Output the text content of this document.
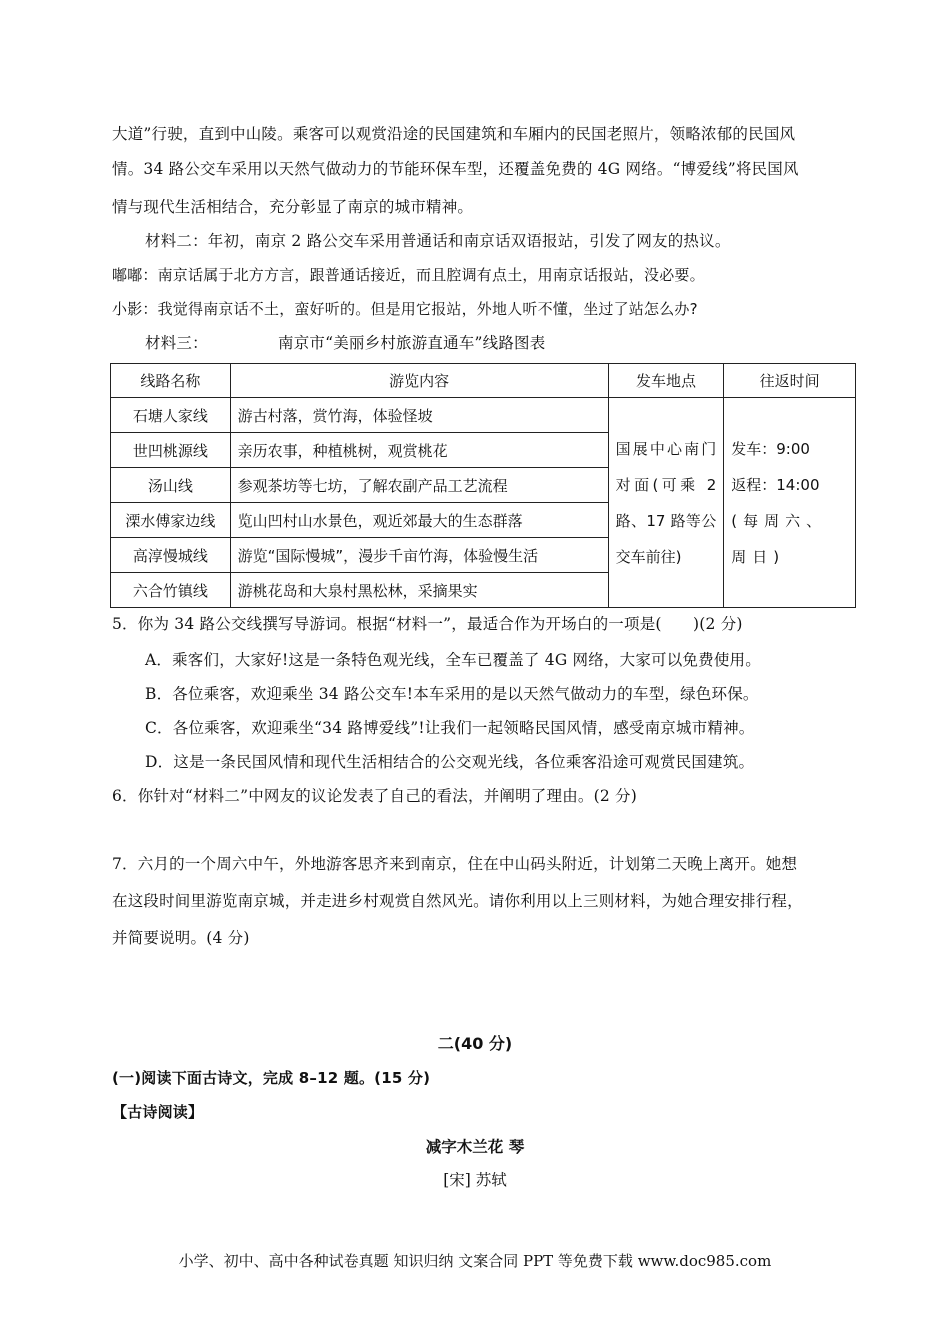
大道”行驶，直到中山陵。乘客可以观赏沿途的民国建筑和车厢内的民国老照片，领略浓郁的民国风
情。34 路公交车采用以天然气做动力的节能环保车型，还覆盖免费的 4G 网络。“博爱线”将民国风
情与现代生活相结合，充分彰显了南京的城市精神。
材料二：年初，南京 2 路公交车采用普通话和南京话双语报站，引发了网友的热议。
嘟嘟：南京话属于北方方言，跟普通话接近，而且腔调有点土，用南京话报站，没必要。
小影：我觉得南京话不土，蛮好听的。但是用它报站，外地人听不懂，坐过了站怎么办?
材料三：	南京市“美丽乡村旅游直通车”线路图表
线路名称	游览内容	发车地点	往返时间
石塘人家线	游古村落，赏竹海，体验怪坡	国展中心南门对面(可乘 2 路、17 路等公交车前往)	发车：9:00
返程：14:00
(每周六、周日)

世凹桃源线	亲历农事，种植桃树，观赏桃花		
汤山线	参观茶坊等七坊，了解农副产品工艺流程		
溧水傅家边线	览山凹村山水景色，观近郊最大的生态群落		
高淳慢城线	游览“国际慢城”，漫步千亩竹海，体验慢生活		
六合竹镇线	游桃花岛和大泉村黑松林，采摘果实		
5．你为 34 路公交线撰写导游词。根据“材料一”，最适合作为开场白的一项是(　　)(2 分)
A．乘客们，大家好!这是一条特色观光线，全车已覆盖了 4G 网络，大家可以免费使用。
B．各位乘客，欢迎乘坐 34 路公交车!本车采用的是以天然气做动力的车型，绿色环保。
C．各位乘客，欢迎乘坐“34 路博爱线”!让我们一起领略民国风情，感受南京城市精神。
D．这是一条民国风情和现代生活相结合的公交观光线，各位乘客沿途可观赏民国建筑。
6．你针对“材料二”中网友的议论发表了自己的看法，并阐明了理由。(2 分)
7．六月的一个周六中午，外地游客思齐来到南京，住在中山码头附近，计划第二天晚上离开。她想
在这段时间里游览南京城，并走进乡村观赏自然风光。请你利用以上三则材料，为她合理安排行程，
并简要说明。(4 分)
二(40 分)
(一)阅读下面古诗文，完成 8–12 题。(15 分)
【古诗阅读】
减字木兰花 琴
[宋] 苏轼
小学、初中、高中各种试卷真题 知识归纳 文案合同 PPT 等免费下载 www.doc985.com
